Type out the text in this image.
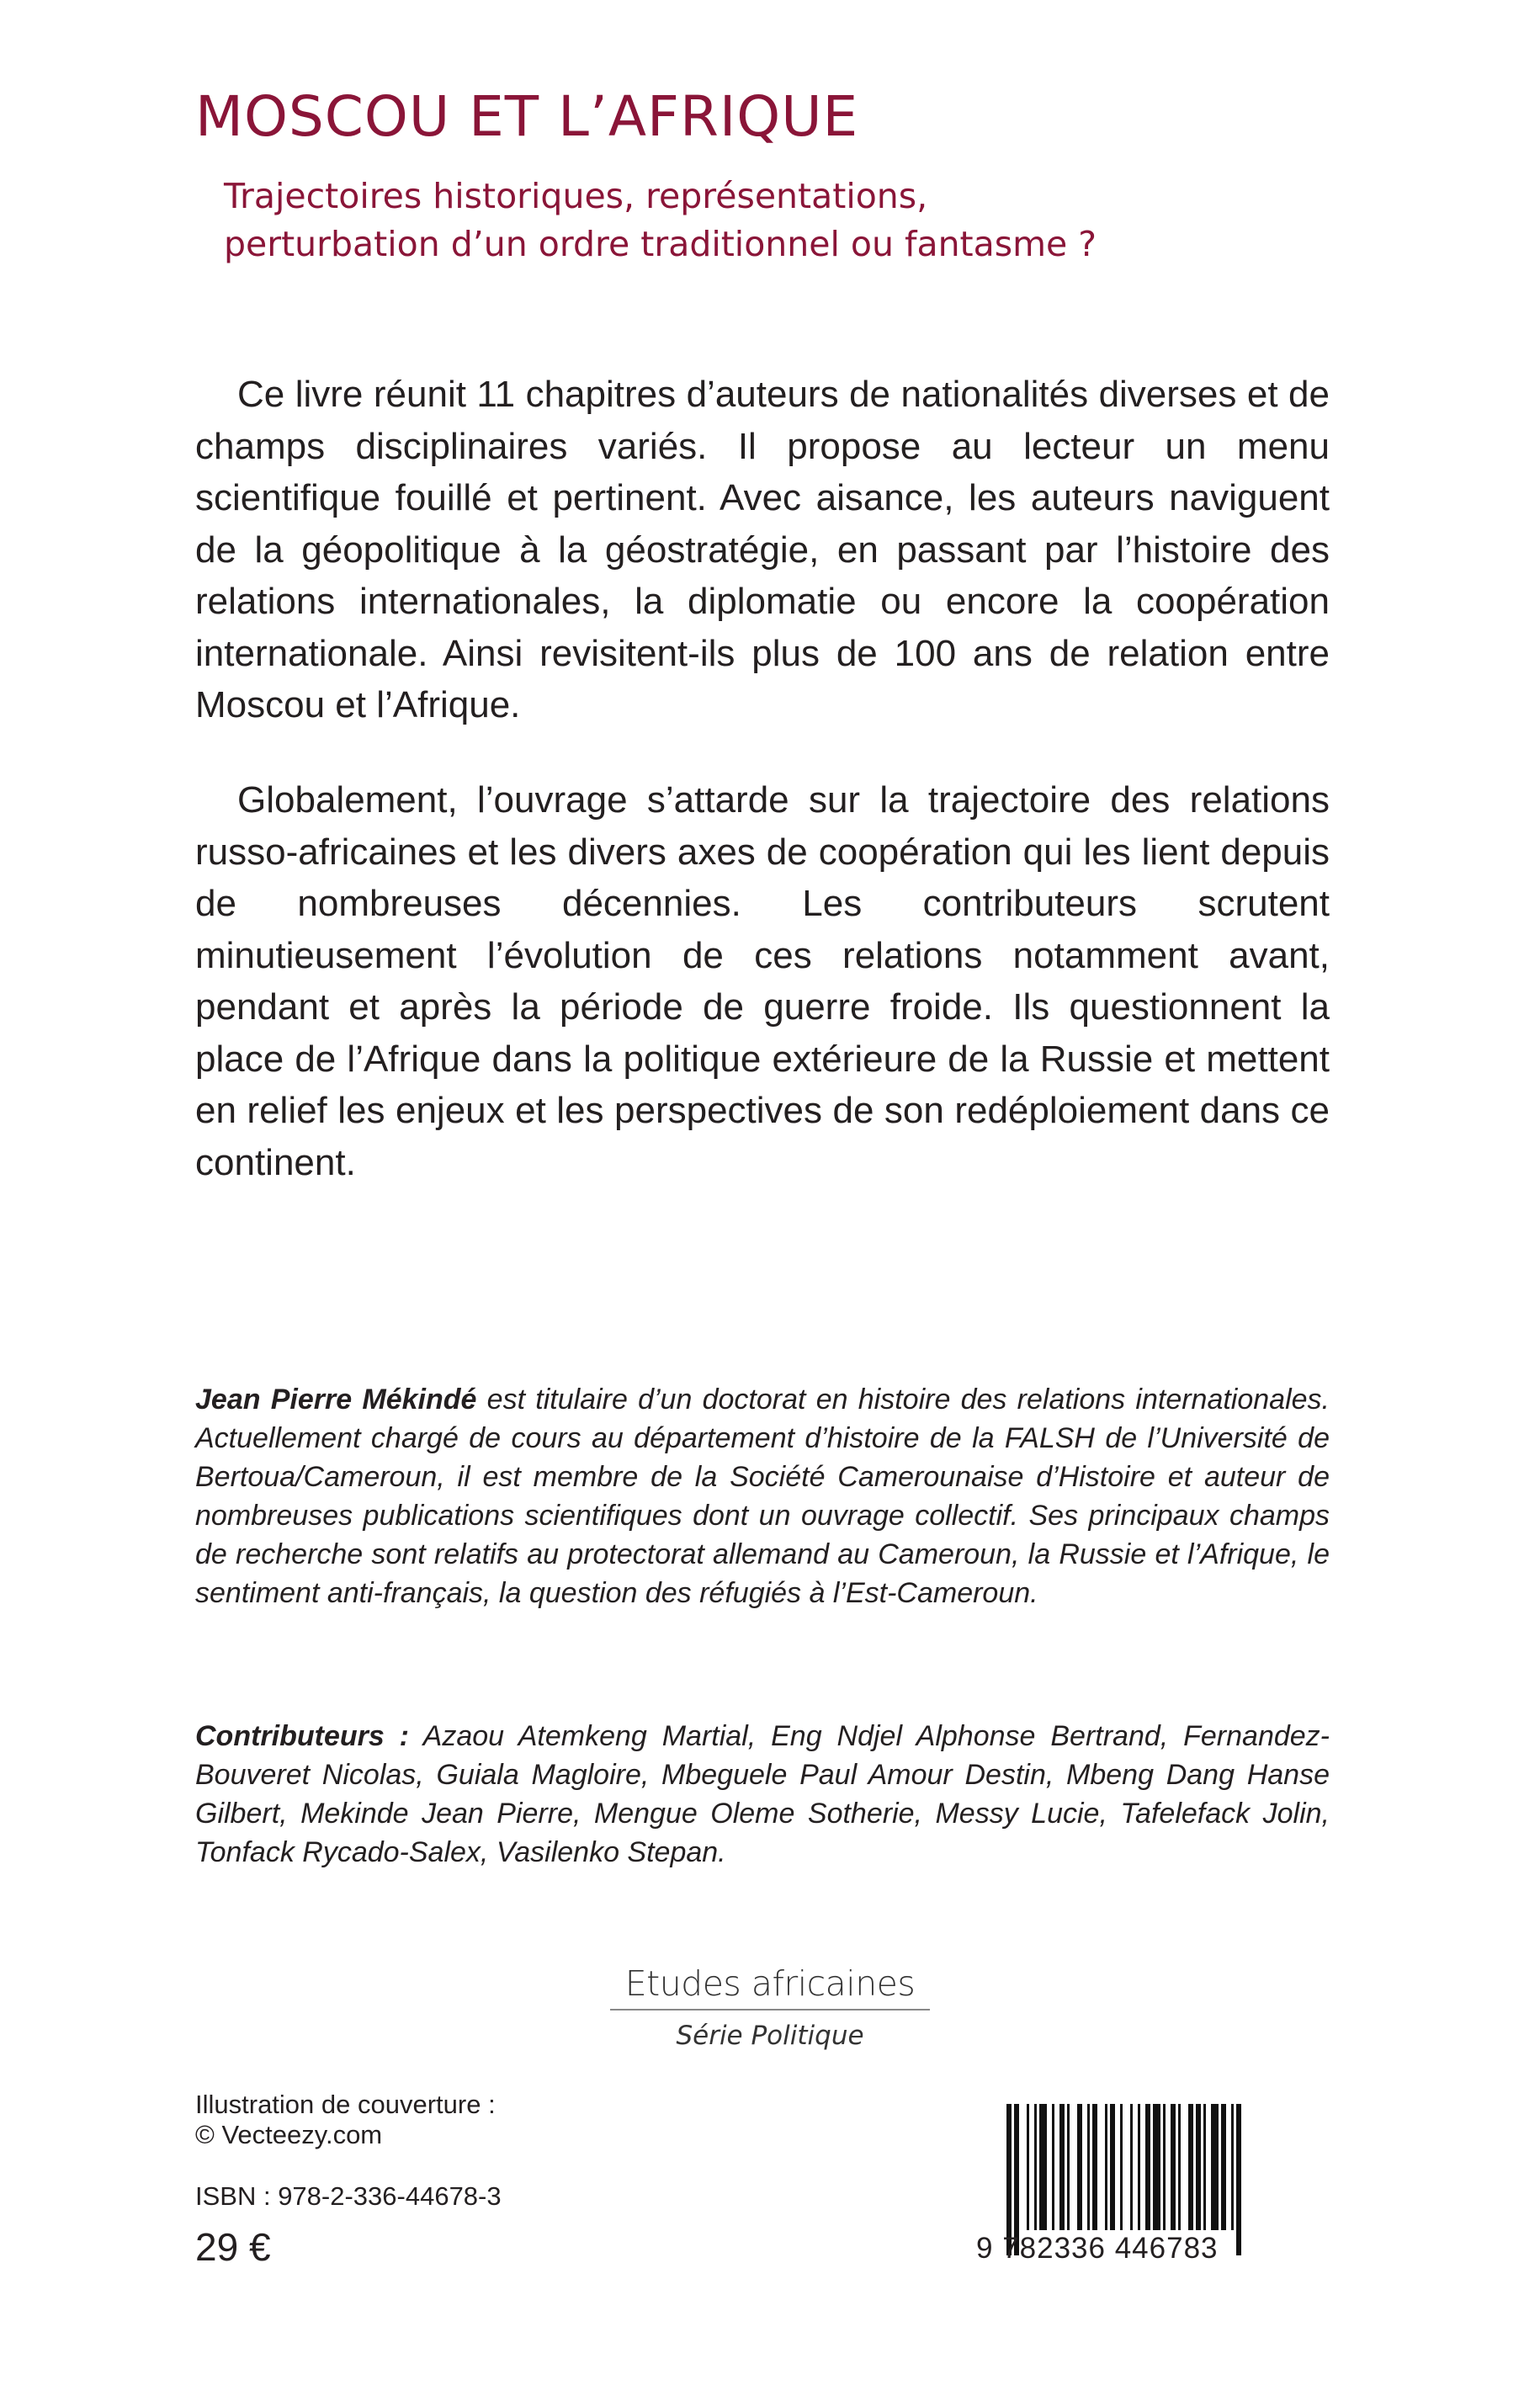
MOSCOU ET L’AFRIQUE
Trajectoires historiques, représentations,
perturbation d’un ordre traditionnel ou fantasme ?

Ce livre réunit 11 chapitres d’auteurs de nationalités diverses et de champs disciplinaires variés. Il propose au lecteur un menu scientifique fouillé et pertinent. Avec aisance, les auteurs naviguent de la géopolitique à la géostratégie, en passant par l’histoire des relations internationales, la diplomatie ou encore la coopération internationale. Ainsi revisitent-ils plus de 100 ans de relation entre Moscou et l’Afrique.

Globalement, l’ouvrage s’attarde sur la trajectoire des relations russo-africaines et les divers axes de coopération qui les lient depuis de nombreuses décennies. Les contributeurs scrutent minutieusement l’évolution de ces relations notamment avant, pendant et après la période de guerre froide. Ils questionnent la place de l’Afrique dans la politique extérieure de la Russie et mettent en relief les enjeux et les perspectives de son redéploiement dans ce continent.

Jean Pierre Mékindé est titulaire d’un doctorat en histoire des relations internationales. Actuellement chargé de cours au département d’histoire de la FALSH de l’Université de Bertoua/Cameroun, il est membre de la Société Camerounaise d’Histoire et auteur de nombreuses publications scientifiques dont un ouvrage collectif. Ses principaux champs de recherche sont relatifs au protectorat allemand au Cameroun, la Russie et l’Afrique, le sentiment anti-français, la question des réfugiés à l’Est-Cameroun.

Contributeurs : Azaou Atemkeng Martial, Eng Ndjel Alphonse Bertrand, Fernandez-Bouveret Nicolas, Guiala Magloire, Mbeguele Paul Amour Destin, Mbeng Dang Hanse Gilbert, Mekinde Jean Pierre, Mengue Oleme Sotherie, Messy Lucie, Tafelefack Jolin, Tonfack Rycado-Salex, Vasilenko Stepan.

Etudes africaines
Série Politique
Illustration de couverture :
© Vecteezy.com
ISBN : 978-2-336-44678-3
29 €	9 782336 446783
